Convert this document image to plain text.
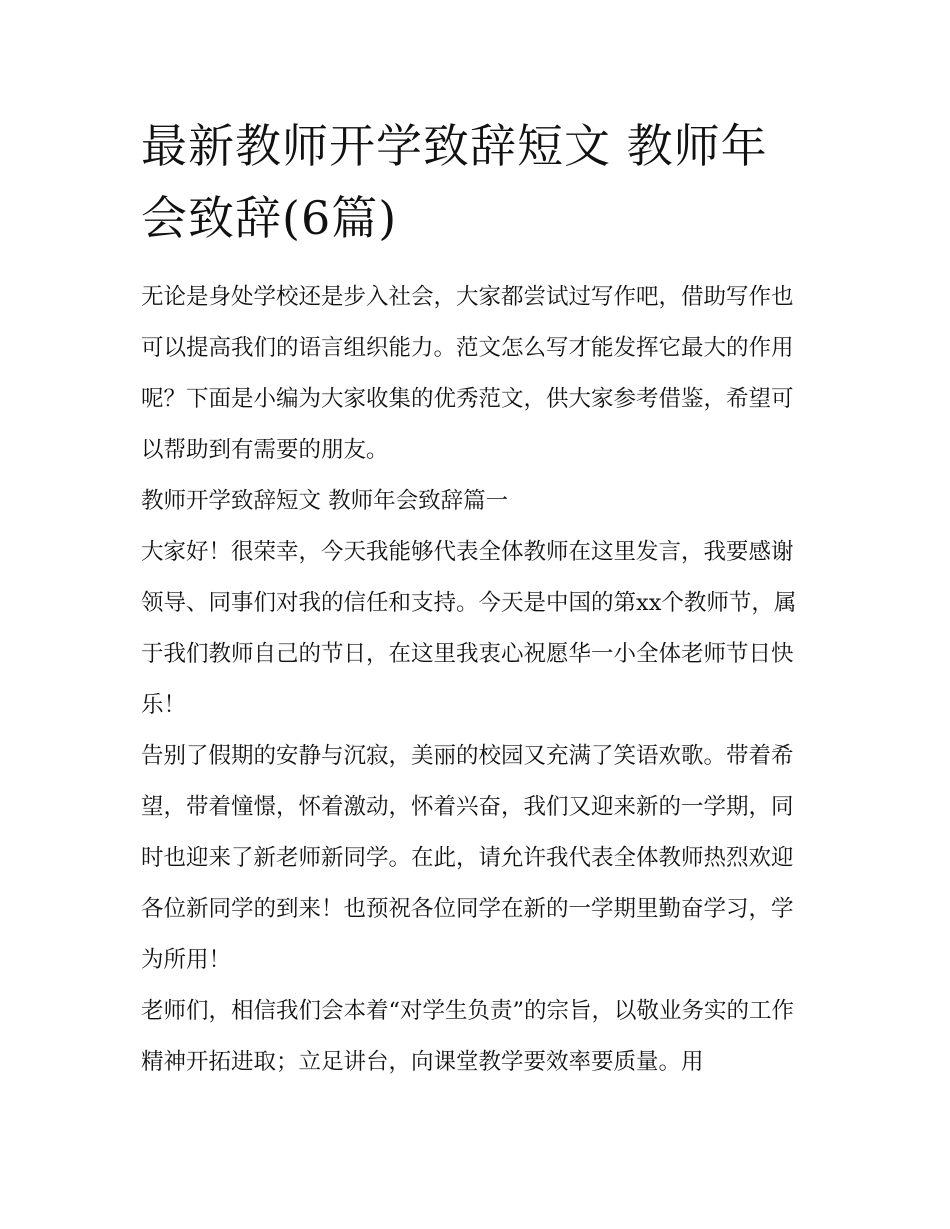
最新教师开学致辞短文 教师年会致辞(6篇)

无论是身处学校还是步入社会，大家都尝试过写作吧，借助写作也可以提高我们的语言组织能力。范文怎么写才能发挥它最大的作用呢？下面是小编为大家收集的优秀范文，供大家参考借鉴，希望可以帮助到有需要的朋友。

教师开学致辞短文 教师年会致辞篇一

大家好！很荣幸，今天我能够代表全体教师在这里发言，我要感谢领导、同事们对我的信任和支持。今天是中国的第xx个教师节，属于我们教师自己的节日，在这里我衷心祝愿华一小全体老师节日快乐！

告别了假期的安静与沉寂，美丽的校园又充满了笑语欢歌。带着希望，带着憧憬，怀着激动，怀着兴奋，我们又迎来新的一学期，同时也迎来了新老师新同学。在此，请允许我代表全体教师热烈欢迎各位新同学的到来！也预祝各位同学在新的一学期里勤奋学习，学为所用！

老师们，相信我们会本着“对学生负责”的宗旨，以敬业务实的工作精神开拓进取；立足讲台，向课堂教学要效率要质量。用
